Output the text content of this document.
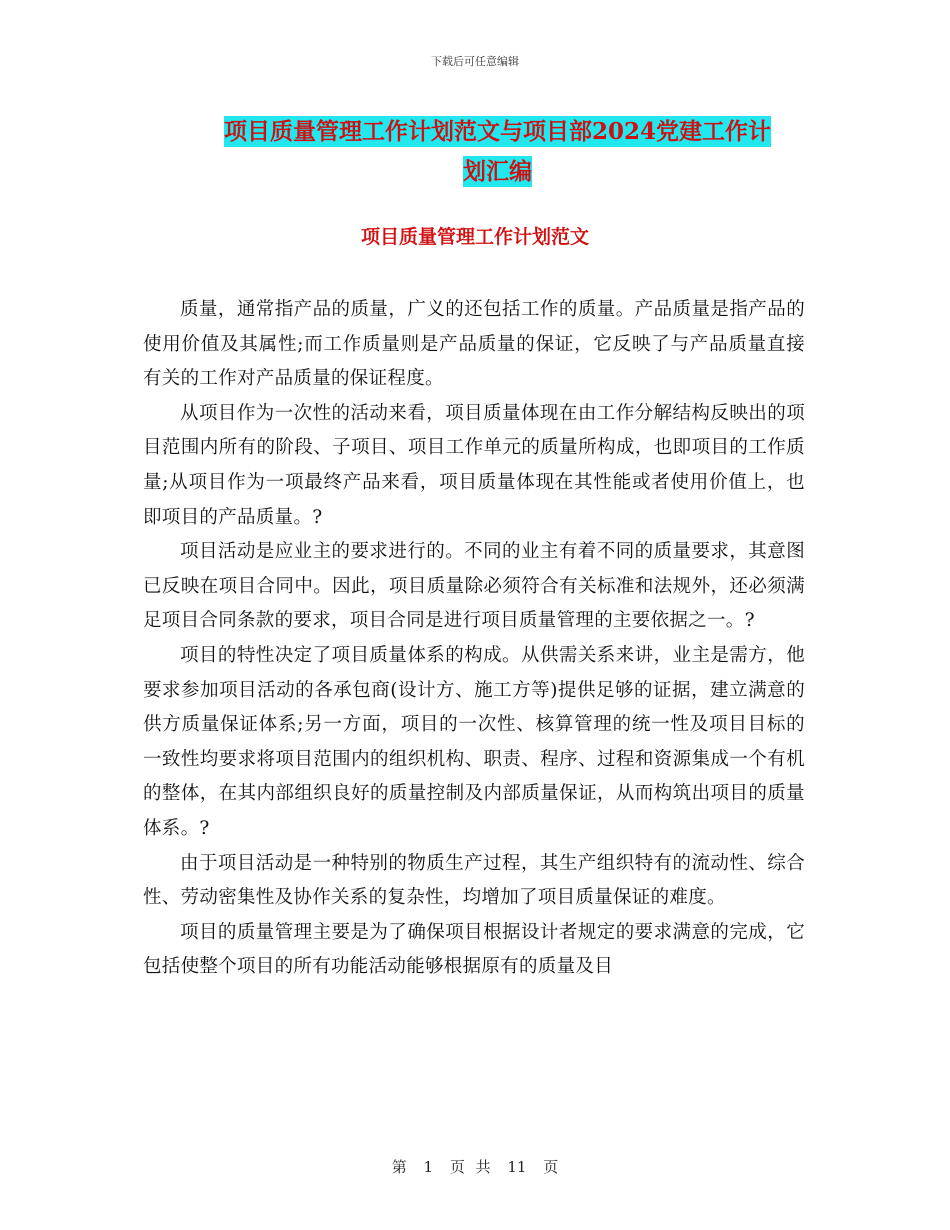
下载后可任意编辑
项目质量管理工作计划范文与项目部2024党建工作计
划汇编
项目质量管理工作计划范文

质量，通常指产品的质量，广义的还包括工作的质量。产品质量是指产品的使用价值及其属性;而工作质量则是产品质量的保证，它反映了与产品质量直接有关的工作对产品质量的保证程度。

从项目作为一次性的活动来看，项目质量体现在由工作分解结构反映出的项目范围内所有的阶段、子项目、项目工作单元的质量所构成，也即项目的工作质量;从项目作为一项最终产品来看，项目质量体现在其性能或者使用价值上，也即项目的产品质量。?

项目活动是应业主的要求进行的。不同的业主有着不同的质量要求，其意图已反映在项目合同中。因此，项目质量除必须符合有关标准和法规外，还必须满足项目合同条款的要求，项目合同是进行项目质量管理的主要依据之一。?

项目的特性决定了项目质量体系的构成。从供需关系来讲，业主是需方，他要求参加项目活动的各承包商(设计方、施工方等)提供足够的证据，建立满意的供方质量保证体系;另一方面，项目的一次性、核算管理的统一性及项目目标的一致性均要求将项目范围内的组织机构、职责、程序、过程和资源集成一个有机的整体，在其内部组织良好的质量控制及内部质量保证，从而构筑出项目的质量体系。?

由于项目活动是一种特别的物质生产过程，其生产组织特有的流动性、综合性、劳动密集性及协作关系的复杂性，均增加了项目质量保证的难度。

项目的质量管理主要是为了确保项目根据设计者规定的要求满意的完成，它包括使整个项目的所有功能活动能够根据原有的质量及目

第 1 页 共 11 页
